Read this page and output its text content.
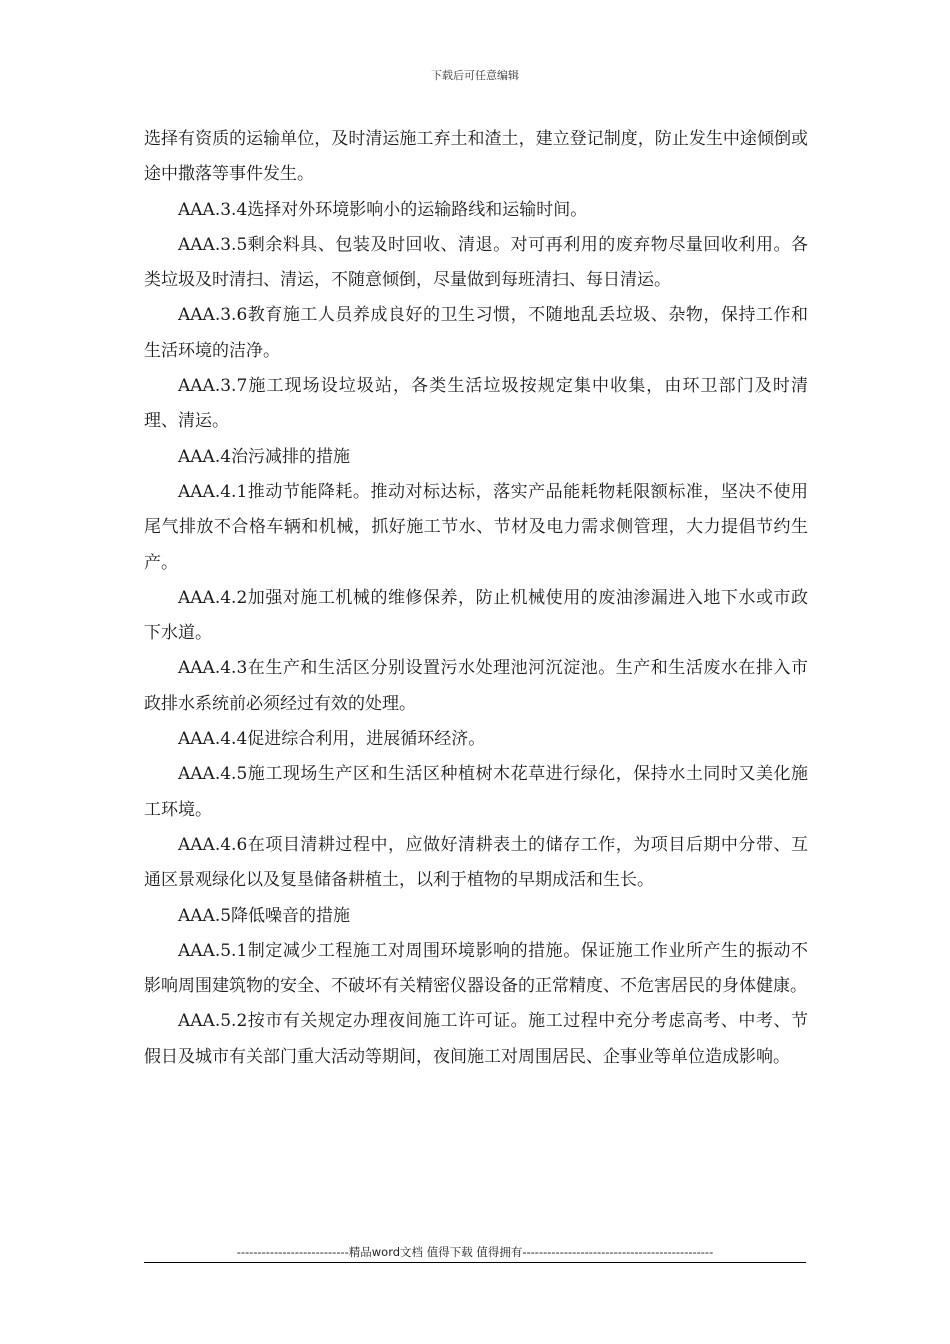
下载后可任意编辑

选择有资质的运输单位，及时清运施工弃土和渣土，建立登记制度，防止发生中途倾倒或途中撒落等事件发生。

AAA.3.4选择对外环境影响小的运输路线和运输时间。

AAA.3.5剩余料具、包装及时回收、清退。对可再利用的废弃物尽量回收利用。各类垃圾及时清扫、清运，不随意倾倒，尽量做到每班清扫、每日清运。

AAA.3.6教育施工人员养成良好的卫生习惯，不随地乱丢垃圾、杂物，保持工作和生活环境的洁净。

AAA.3.7施工现场设垃圾站，各类生活垃圾按规定集中收集，由环卫部门及时清理、清运。

AAA.4治污减排的措施

AAA.4.1推动节能降耗。推动对标达标，落实产品能耗物耗限额标准，坚决不使用尾气排放不合格车辆和机械，抓好施工节水、节材及电力需求侧管理，大力提倡节约生产。

AAA.4.2加强对施工机械的维修保养，防止机械使用的废油渗漏进入地下水或市政下水道。

AAA.4.3在生产和生活区分别设置污水处理池河沉淀池。生产和生活废水在排入市政排水系统前必须经过有效的处理。

AAA.4.4促进综合利用，进展循环经济。

AAA.4.5施工现场生产区和生活区种植树木花草进行绿化，保持水土同时又美化施工环境。

AAA.4.6在项目清耕过程中，应做好清耕表土的储存工作，为项目后期中分带、互通区景观绿化以及复垦储备耕植土，以利于植物的早期成活和生长。

AAA.5降低噪音的措施

AAA.5.1制定减少工程施工对周围环境影响的措施。保证施工作业所产生的振动不影响周围建筑物的安全、不破坏有关精密仪器设备的正常精度、不危害居民的身体健康。

AAA.5.2按市有关规定办理夜间施工许可证。施工过程中充分考虑高考、中考、节假日及城市有关部门重大活动等期间，夜间施工对周围居民、企事业等单位造成影响。

---------------------------精品word文档 值得下载 值得拥有----------------------------------------------
